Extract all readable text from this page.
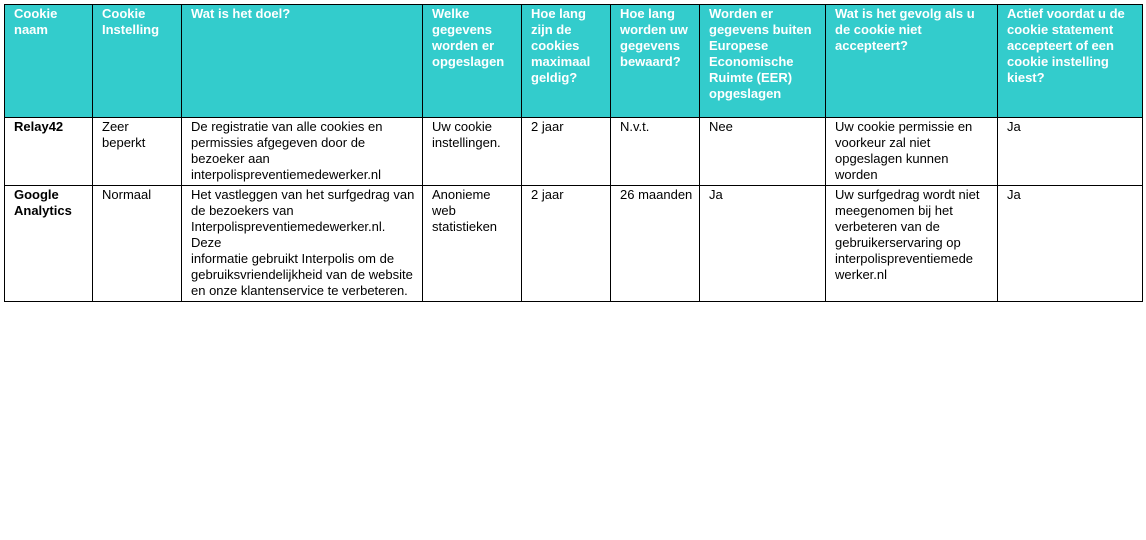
Cookie naam	Cookie Instelling	Wat is het doel?	Welke gegevens worden er opgeslagen	Hoe lang zijn de cookies maximaal geldig?	Hoe lang worden uw gegevens bewaard?	Worden er gegevens buiten Europese Economische Ruimte (EER) opgeslagen	Wat is het gevolg als u de cookie niet accepteert?	Actief voordat u de cookie statement accepteert of een cookie instelling kiest?
Relay42	Zeer beperkt	De registratie van alle cookies en permissies afgegeven door de bezoeker aan interpolispreventiemedewerker.nl	Uw cookie instellingen.	2 jaar	N.v.t.	Nee	Uw cookie permissie en voorkeur zal niet opgeslagen kunnen worden	Ja
Google Analytics	Normaal	Het vastleggen van het surfgedrag van
de bezoekers van Interpolispreventiemedewerker.nl. Deze
informatie gebruikt Interpolis om de gebruiksvriendelijkheid van de website
en onze klantenservice te verbeteren.	Anonieme web statistieken	2 jaar	26 maanden	Ja	Uw surfgedrag wordt niet meegenomen bij het verbeteren van de gebruikerservaring op interpolispreventiemede werker.nl	Ja
